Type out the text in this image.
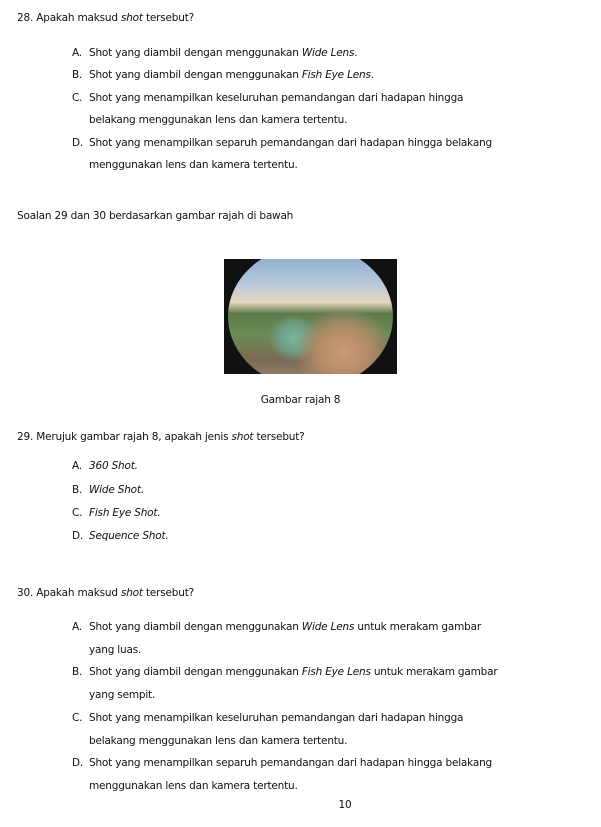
28. Apakah maksud shot tersebut?
A. Shot yang diambil dengan menggunakan Wide Lens.
B. Shot yang diambil dengan menggunakan Fish Eye Lens.
C. Shot yang menampilkan keseluruhan pemandangan dari hadapan hingga
belakang menggunakan lens dan kamera tertentu.
D. Shot yang menampilkan separuh pemandangan dari hadapan hingga belakang
menggunakan lens dan kamera tertentu.
Soalan 29 dan 30 berdasarkan gambar rajah di bawah
Gambar rajah 8
29. Merujuk gambar rajah 8, apakah jenis shot tersebut?
A. 360 Shot.
B. Wide Shot.
C. Fish Eye Shot.
D. Sequence Shot.
30. Apakah maksud shot tersebut?
A. Shot yang diambil dengan menggunakan Wide Lens untuk merakam gambar
yang luas.
B. Shot yang diambil dengan menggunakan Fish Eye Lens untuk merakam gambar
yang sempit.
C. Shot yang menampilkan keseluruhan pemandangan dari hadapan hingga
belakang menggunakan lens dan kamera tertentu.
D. Shot yang menampilkan separuh pemandangan dari hadapan hingga belakang
menggunakan lens dan kamera tertentu.
10
